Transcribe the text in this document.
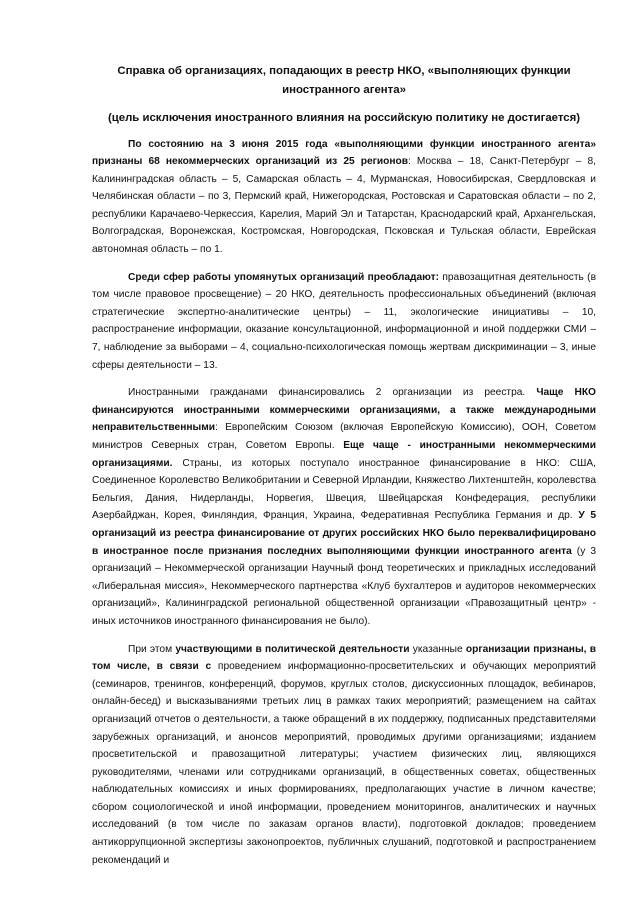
Справка об организациях, попадающих в реестр НКО, «выполняющих функции иностранного агента»
(цель исключения иностранного влияния на российскую политику не достигается)

По состоянию на 3 июня 2015 года «выполняющими функции иностранного агента» признаны 68 некоммерческих организаций из 25 регионов: Москва – 18, Санкт-Петербург – 8, Калининградская область – 5, Самарская область – 4, Мурманская, Новосибирская, Свердловская и Челябинская области – по 3, Пермский край, Нижегородская, Ростовская и Саратовская области – по 2, республики Карачаево-Черкессия, Карелия, Марий Эл и Татарстан, Краснодарский край, Архангельская, Волгоградская, Воронежская, Костромская, Новгородская, Псковская и Тульская области, Еврейская автономная область – по 1.

Среди сфер работы упомянутых организаций преобладают: правозащитная деятельность (в том числе правовое просвещение) – 20 НКО, деятельность профессиональных объединений (включая стратегические экспертно-аналитические центры) – 11, экологические инициативы – 10, распространение информации, оказание консультационной, информационной и иной поддержки СМИ – 7, наблюдение за выборами – 4, социально-психологическая помощь жертвам дискриминации – 3, иные сферы деятельности – 13.

Иностранными гражданами финансировались 2 организации из реестра. Чаще НКО финансируются иностранными коммерческими организациями, а также международными неправительственными: Европейским Союзом (включая Европейскую Комиссию), ООН, Советом министров Северных стран, Советом Европы. Еще чаще - иностранными некоммерческими организациями. Страны, из которых поступало иностранное финансирование в НКО: США, Соединенное Королевство Великобритании и Северной Ирландии, Княжество Лихтенштейн, королевства Бельгия, Дания, Нидерланды, Норвегия, Швеция, Швейцарская Конфедерация, республики Азербайджан, Корея, Финляндия, Франция, Украина, Федеративная Республика Германия и др. У 5 организаций из реестра финансирование от других российских НКО было переквалифицировано в иностранное после признания последних выполняющими функции иностранного агента (у 3 организаций – Некоммерческой организации Научный фонд теоретических и прикладных исследований «Либеральная миссия», Некоммерческого партнерства «Клуб бухгалтеров и аудиторов некоммерческих организаций», Калининградской региональной общественной организации «Правозащитный центр» - иных источников иностранного финансирования не было).

При этом участвующими в политической деятельности указанные организации признаны, в том числе, в связи с проведением информационно-просветительских и обучающих мероприятий (семинаров, тренингов, конференций, форумов, круглых столов, дискуссионных площадок, вебинаров, онлайн-бесед) и высказываниями третьих лиц в рамках таких мероприятий; размещением на сайтах организаций отчетов о деятельности, а также обращений в их поддержку, подписанных представителями зарубежных организаций, и анонсов мероприятий, проводимых другими организациями; изданием просветительской и правозащитной литературы; участием физических лиц, являющихся руководителями, членами или сотрудниками организаций, в общественных советах, общественных наблюдательных комиссиях и иных формированиях, предполагающих участие в личном качестве; сбором социологической и иной информации, проведением мониторингов, аналитических и научных исследований (в том числе по заказам органов власти), подготовкой докладов; проведением антикоррупционной экспертизы законопроектов, публичных слушаний, подготовкой и распространением рекомендаций и
